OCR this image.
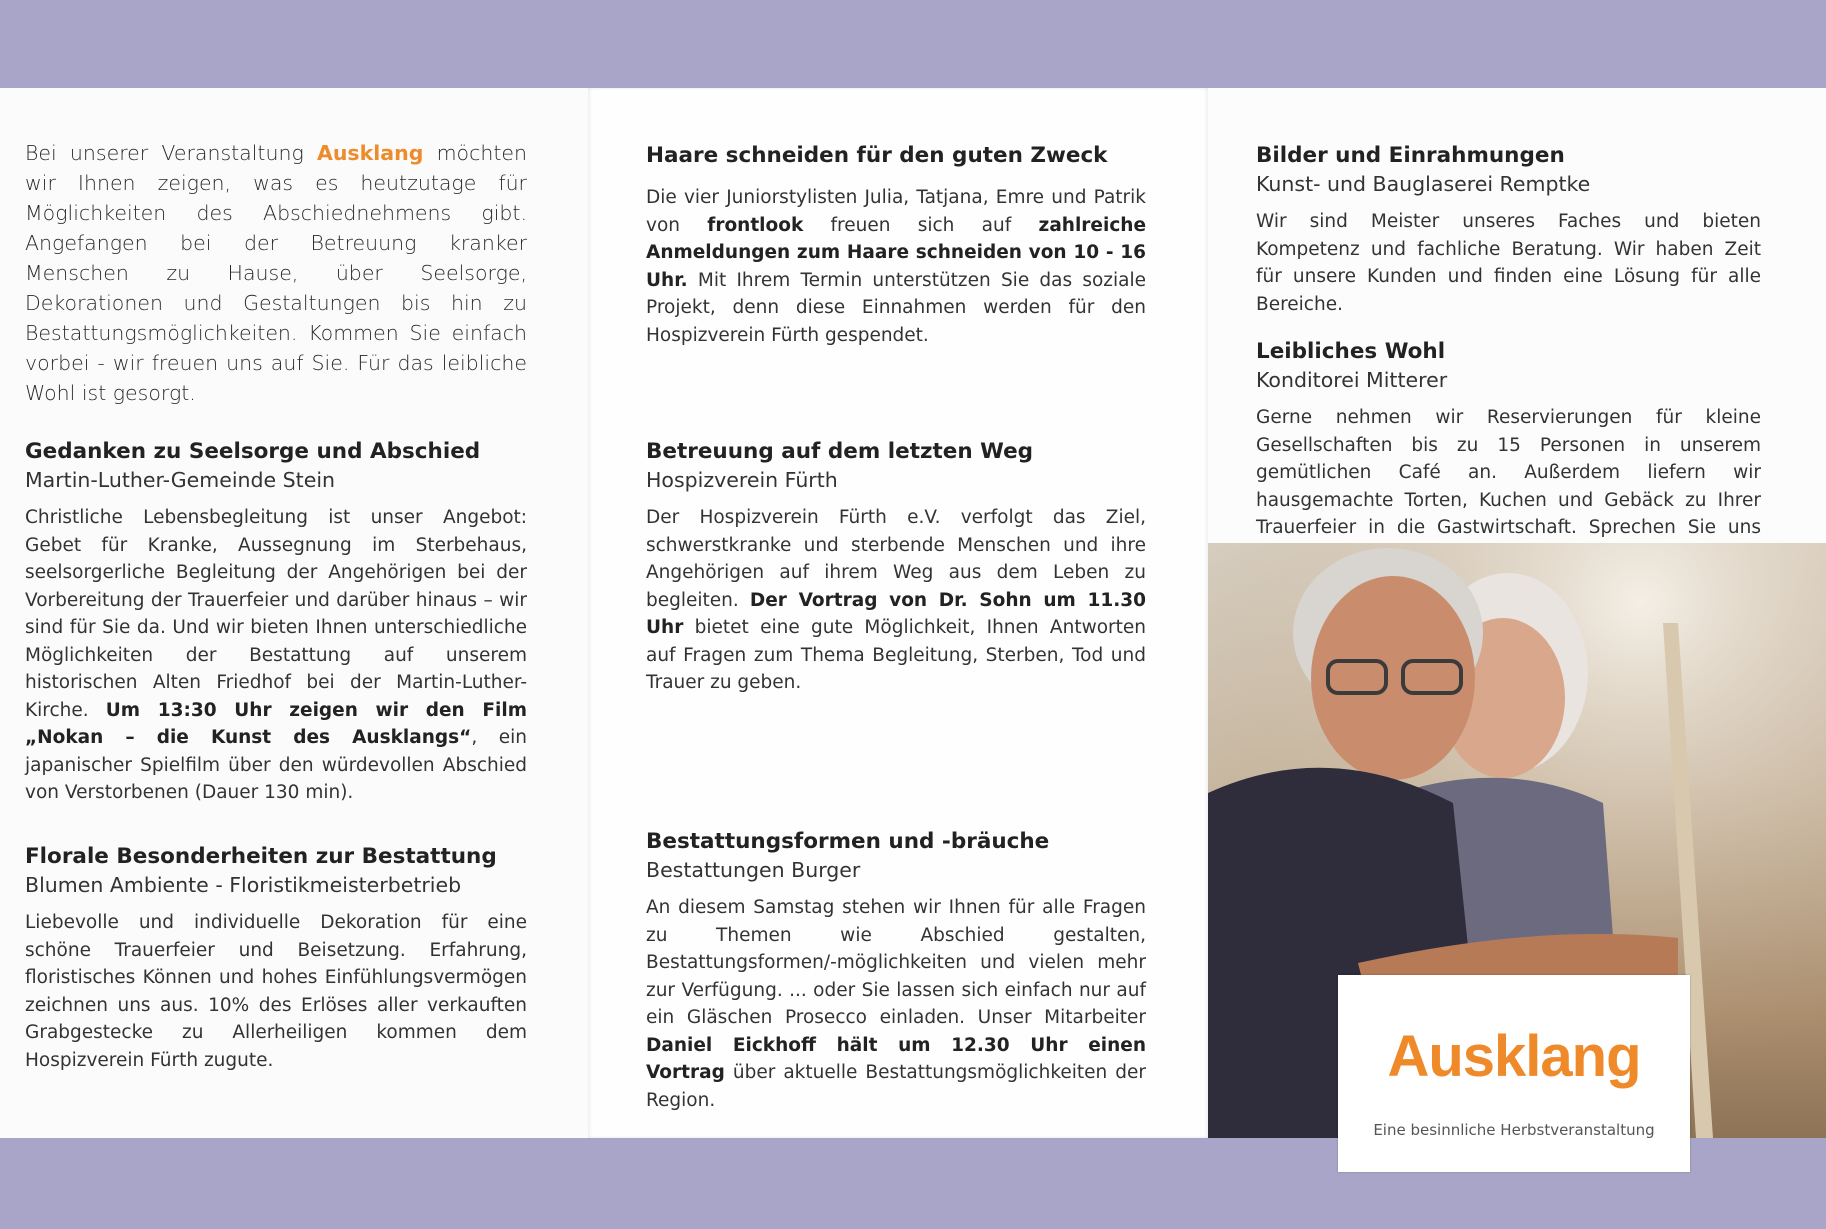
Bei unserer Veranstaltung Ausklang möchten wir Ihnen zeigen, was es heutzutage für Möglichkeiten des Abschiednehmens gibt. Angefangen bei der Betreuung kranker Menschen zu Hause, über Seelsorge, Dekorationen und Gestaltungen bis hin zu Bestattungsmöglichkeiten. Kommen Sie einfach vorbei - wir freuen uns auf Sie. Für das leibliche Wohl ist gesorgt.

Gedanken zu Seelsorge und Abschied
Martin-Luther-Gemeinde Stein

Christliche Lebensbegleitung ist unser Angebot: Gebet für Kranke, Aussegnung im Sterbehaus, seelsorgerliche Begleitung der Angehörigen bei der Vorbereitung der Trauerfeier und darüber hinaus – wir sind für Sie da. Und wir bieten Ihnen unterschiedliche Möglichkeiten der Bestattung auf unserem historischen Alten Friedhof bei der Martin-Luther-Kirche. Um 13:30 Uhr zeigen wir den Film „Nokan – die Kunst des Ausklangs“, ein japanischer Spielfilm über den würdevollen Abschied von Verstorbenen (Dauer 130 min).

Florale Besonderheiten zur Bestattung
Blumen Ambiente - Floristikmeisterbetrieb

Liebevolle und individuelle Dekoration für eine schöne Trauerfeier und Beisetzung. Erfahrung, floristisches Können und hohes Einfühlungsvermögen zeichnen uns aus. 10% des Erlöses aller verkauften Grabgestecke zu Allerheiligen kommen dem Hospizverein Fürth zugute.

Haare schneiden für den guten Zweck

Die vier Juniorstylisten Julia, Tatjana, Emre und Patrik von frontlook freuen sich auf zahlreiche Anmeldungen zum Haare schneiden von 10 - 16 Uhr. Mit Ihrem Termin unterstützen Sie das soziale Projekt, denn diese Einnahmen werden für den Hospizverein Fürth gespendet.

Betreuung auf dem letzten Weg
Hospizverein Fürth

Der Hospizverein Fürth e.V. verfolgt das Ziel, schwerstkranke und sterbende Menschen und ihre Angehörigen auf ihrem Weg aus dem Leben zu begleiten. Der Vortrag von Dr. Sohn um 11.30 Uhr bietet eine gute Möglichkeit, Ihnen Antworten auf Fragen zum Thema Begleitung, Sterben, Tod und Trauer zu geben.

Bestattungsformen und -bräuche
Bestattungen Burger

An diesem Samstag stehen wir Ihnen für alle Fragen zu Themen wie Abschied gestalten, Bestattungsformen/-möglichkeiten und vielen mehr zur Verfügung. ... oder Sie lassen sich einfach nur auf ein Gläschen Prosecco einladen. Unser Mitarbeiter Daniel Eickhoff hält um 12.30 Uhr einen Vortrag über aktuelle Bestattungsmöglichkeiten der Region.

Bilder und Einrahmungen
Kunst- und Bauglaserei Remptke

Wir sind Meister unseres Faches und bieten Kompetenz und fachliche Beratung. Wir haben Zeit für unsere Kunden und finden eine Lösung für alle Bereiche.

Leibliches Wohl
Konditorei Mitterer

Gerne nehmen wir Reservierungen für kleine Gesellschaften bis zu 15 Personen in unserem gemütlichen Café an. Außerdem liefern wir hausgemachte Torten, Kuchen und Gebäck zu Ihrer Trauerfeier in die Gastwirtschaft. Sprechen Sie uns

Ausklang
Eine besinnliche Herbstveranstaltung
